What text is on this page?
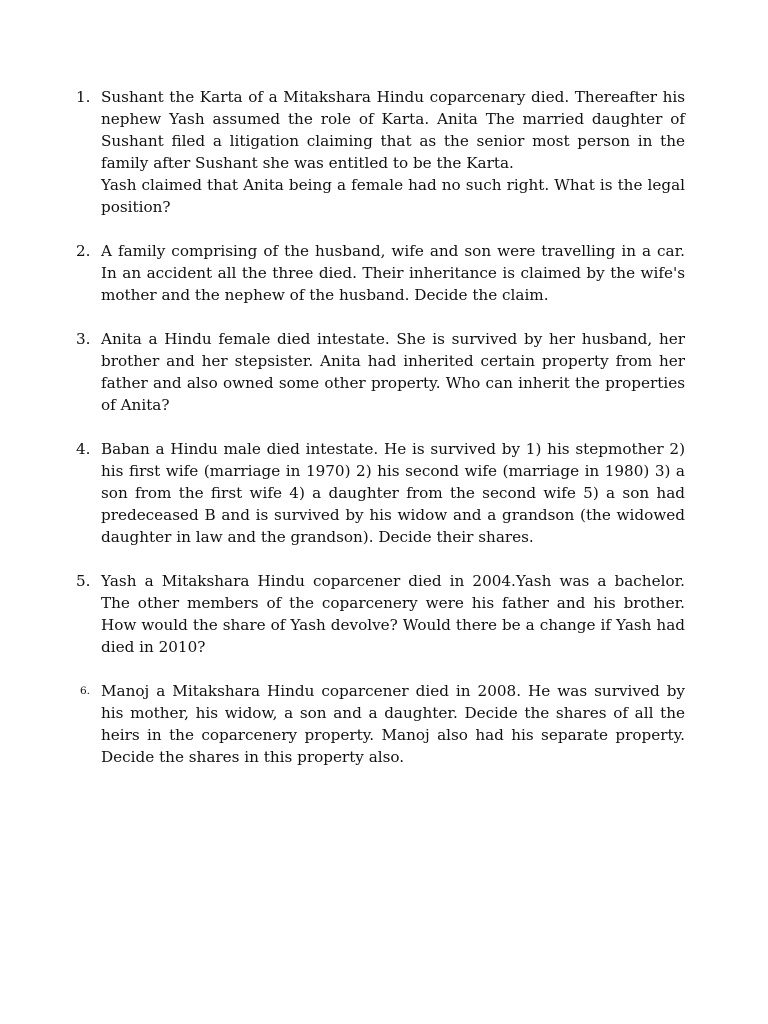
1. Sushant the Karta of a Mitakshara Hindu coparcenary died. Thereafter his nephew Yash assumed the role of Karta. Anita The married daughter of Sushant filed a litigation claiming that as the senior most person in the family after Sushant she was entitled to be the Karta.

Yash claimed that Anita being a female had no such right. What is the legal position?

2. A family comprising of the husband, wife and son were travelling in a car. In an accident all the three died. Their inheritance is claimed by the wife's mother and the nephew of the husband. Decide the claim.

3. Anita a Hindu female died intestate. She is survived by her husband, her brother and her stepsister. Anita had inherited certain property from her father and also owned some other property. Who can inherit the properties of Anita?

4. Baban a Hindu male died intestate. He is survived by 1) his stepmother 2) his first wife (marriage in 1970) 2) his second wife (marriage in 1980) 3) a son from the first wife 4) a daughter from the second wife 5) a son had predeceased B and is survived by his widow and a grandson (the widowed daughter in law and the grandson). Decide their shares.

5. Yash a Mitakshara Hindu coparcener died in 2004.Yash was a bachelor. The other members of the coparcenery were his father and his brother. How would the share of Yash devolve? Would there be a change if Yash had died in 2010?

6. Manoj a Mitakshara Hindu coparcener died in 2008. He was survived by his mother, his widow, a son and a daughter. Decide the shares of all the heirs in the coparcenery property. Manoj also had his separate property. Decide the shares in this property also.
